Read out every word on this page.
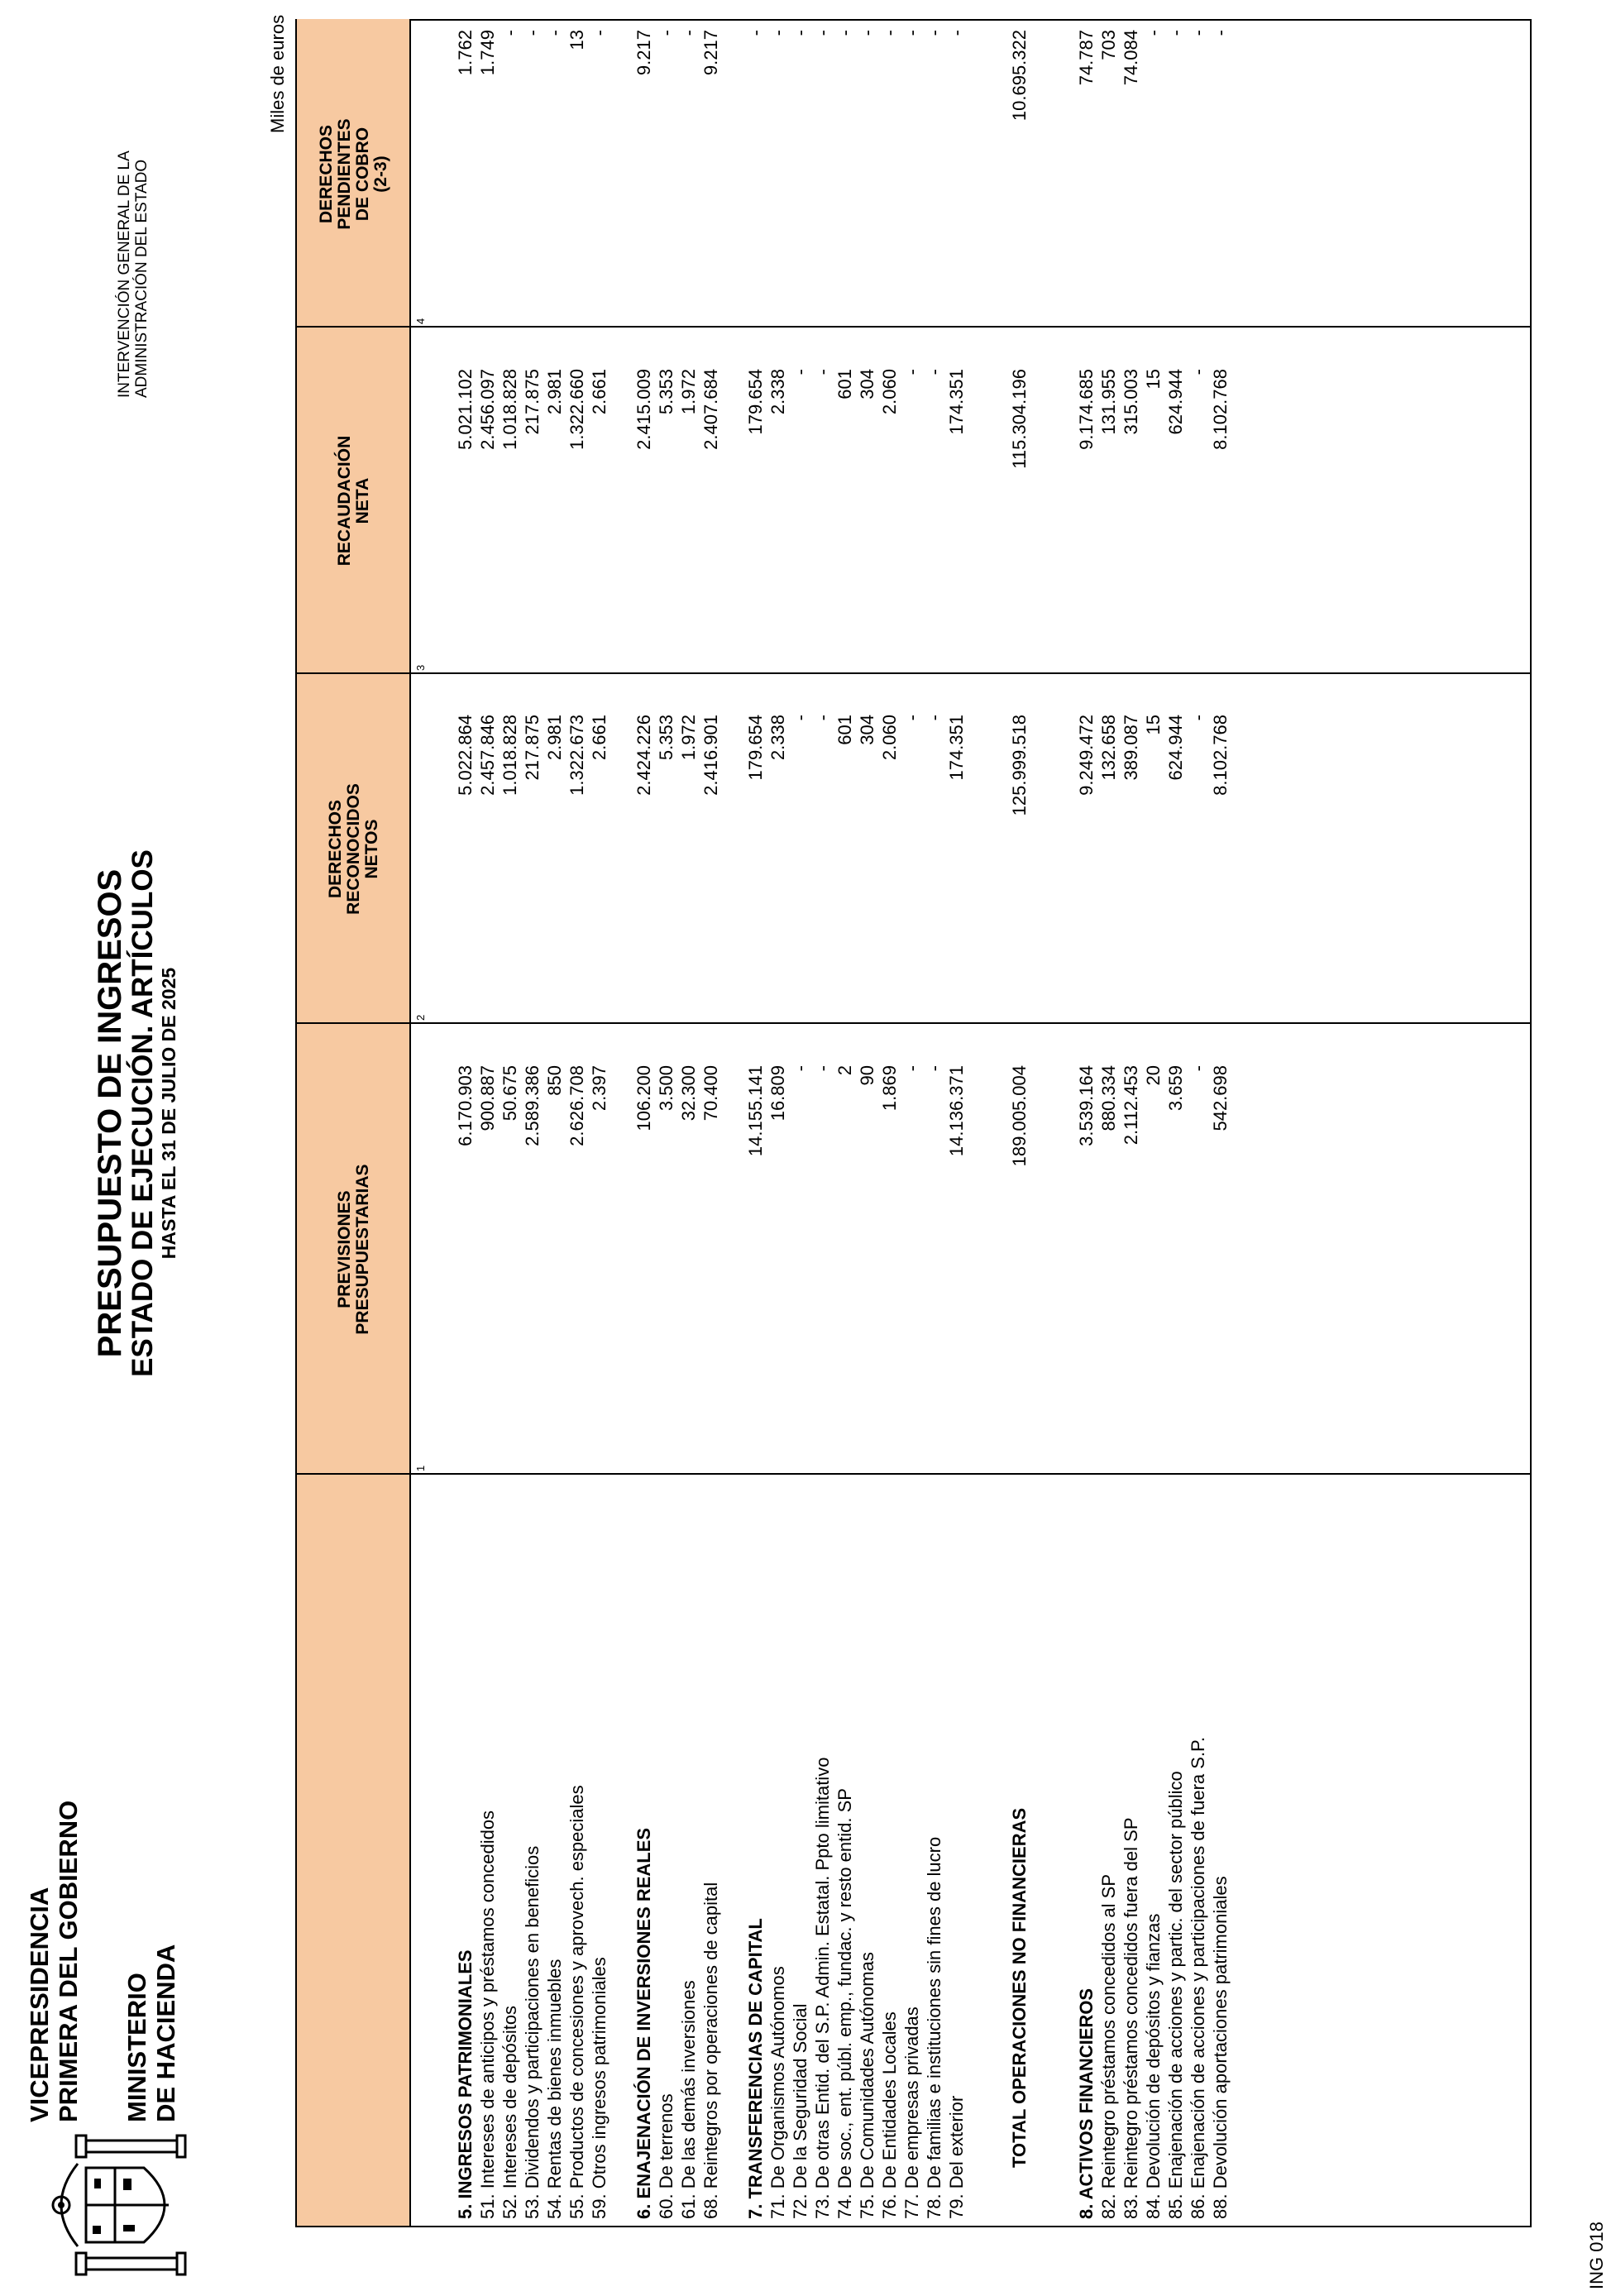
VICEPRESIDENCIA PRIMERA DEL GOBIERNO MINISTERIO DE HACIENDA
PRESUPUESTO DE INGRESOS
ESTADO DE EJECUCIÓN. ARTÍCULOS HASTA EL 31 DE JULIO DE 2025
INTERVENCIÓN GENERAL DE LA ADMINISTRACIÓN DEL ESTADO
Miles de euros
PREVISIONES
PRESUPUESTARIAS
DERECHOS
RECONOCIDOS
NETOS
RECAUDACIÓN
NETA
DERECHOS
PENDIENTES
DE COBRO
(2-3)
1
2
3
4
5. INGRESOS PATRIMONIALES
6.170.903
5.022.864
5.021.102
1.762
51. Intereses de anticipos y préstamos concedidos
900.887
2.457.846
2.456.097
1.749
52. Intereses de depósitos
50.675
1.018.828
1.018.828
-
53. Dividendos y participaciones en beneficios
2.589.386
217.875
217.875
-
54. Rentas de bienes inmuebles
850
2.981
2.981
-
55. Productos de concesiones y aprovech. especiales
2.626.708
1.322.673
1.322.660
13
59. Otros ingresos patrimoniales
2.397
2.661
2.661
-
6. ENAJENACIÓN DE INVERSIONES REALES
106.200
2.424.226
2.415.009
9.217
60. De terrenos
3.500
5.353
5.353
-
61. De las demás inversiones
32.300
1.972
1.972
-
68. Reintegros por operaciones de capital
70.400
2.416.901
2.407.684
9.217
7. TRANSFERENCIAS DE CAPITAL
14.155.141
179.654
179.654
-
71. De Organismos Autónomos
16.809
2.338
2.338
-
72. De la Seguridad Social
-
-
-
-
73. De otras Entid. del S.P. Admin. Estatal. Ppto limitativo
-
-
-
-
74. De soc., ent. públ. emp., fundac. y resto entid. SP
2
601
601
-
75. De Comunidades Autónomas
90
304
304
-
76. De Entidades Locales
1.869
2.060
2.060
-
77. De empresas privadas
-
-
-
-
78. De familias e instituciones sin fines de lucro
-
-
-
-
79. Del exterior
14.136.371
174.351
174.351
-
TOTAL OPERACIONES NO FINANCIERAS
189.005.004
125.999.518
115.304.196
10.695.322
8. ACTIVOS FINANCIEROS
3.539.164
9.249.472
9.174.685
74.787
82. Reintegro préstamos concedidos al SP
880.334
132.658
131.955
703
83. Reintegro préstamos concedidos fuera del SP
2.112.453
389.087
315.003
74.084
84. Devolución de depósitos y fianzas
20
15
15
-
85. Enajenación de acciones y partic. del sector público
3.659
624.944
624.944
-
86. Enajenación de acciones y participaciones de fuera S.P.
-
-
-
-
88. Devolución aportaciones patrimoniales
542.698
8.102.768
8.102.768
-
ING 018
